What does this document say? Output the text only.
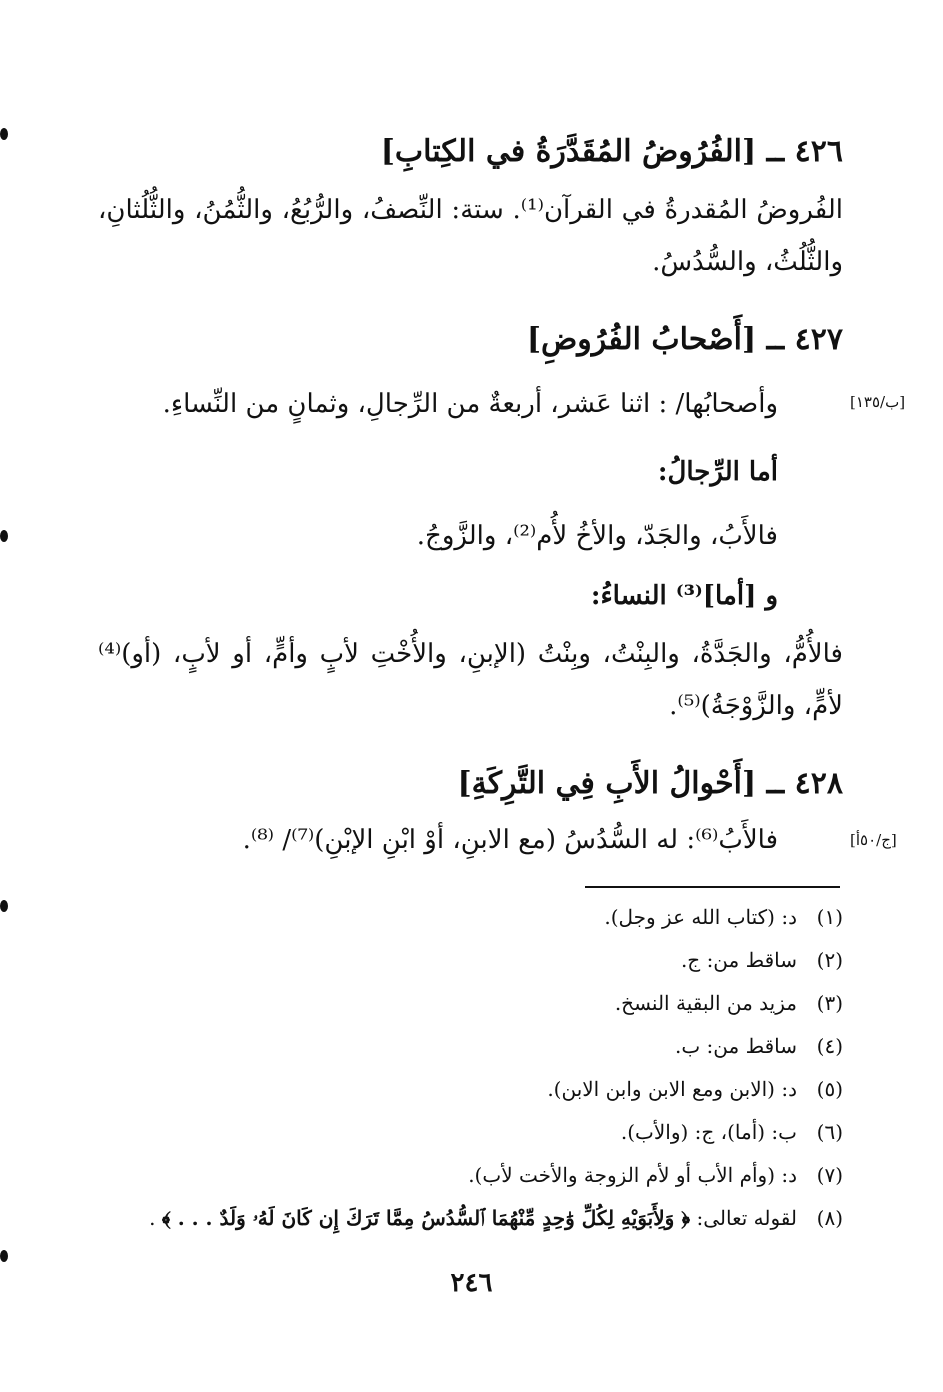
٤٢٦ ــ [الفُرُوضُ المُقَدَّرَةُ في الكِتابِ]
الفُروضُ المُقدرةُ في القرآن⁽¹⁾. ستة: النِّصفُ، والرُّبُعُ، والثُّمُنُ، والثُّلُثانِ، والثُّلُثُ، والسُّدُسُ.
٤٢٧ ــ [أَصْحابُ الفُرُوضِ]
[ب/١٣٥]
وأصحابُها/ : اثنا عَشر، أربعةٌ من الرِّجالِ، وثمانٍ من النِّساءِ.
أما الرِّجالُ:
فالأَبُ، والجَدّ، والأخُ لأُم⁽²⁾، والزَّوجُ.
و [أما]⁽³⁾ النساءُ:
فالأُمُّ، والجَدَّةُ، والبِنْتُ، وبِنْتُ (الإبنِ، والأُخْتِ لأبٍ وأمٍّ، أو لأبٍ، (أو)⁽⁴⁾ لأمٍّ، والزَّوْجَةُ)⁽⁵⁾.
٤٢٨ ــ [أَحْوالُ الأَبِ فِي التَّرِكَةِ]
[ج/٥٠أ]
فالأَبُ⁽⁶⁾: له السُّدُسُ (مع الابنِ، أوْ ابْنِ الإبْنِ)⁽⁷⁾/ ⁽⁸⁾.
(١)د: (كتاب الله عز وجل).
(٢)ساقط من: ج.
(٣)مزيد من البقية النسخ.
(٤)ساقط من: ب.
(٥)د: (الابن ومع الابن وابن الابن).
(٦)ب: (أما)، ج: (والأب).
(٧)د: (وأم الأب أو لأم الزوجة والأخت لأب).
(٨)لقوله تعالى: ﴿ وَلِأَبَوَيْهِ لِكُلِّ وَٰحِدٍ مِّنْهُمَا ٱلسُّدُسُ مِمَّا تَرَكَ إِن كَانَ لَهُۥ وَلَدٌ . . . ﴾ .
٢٤٦
